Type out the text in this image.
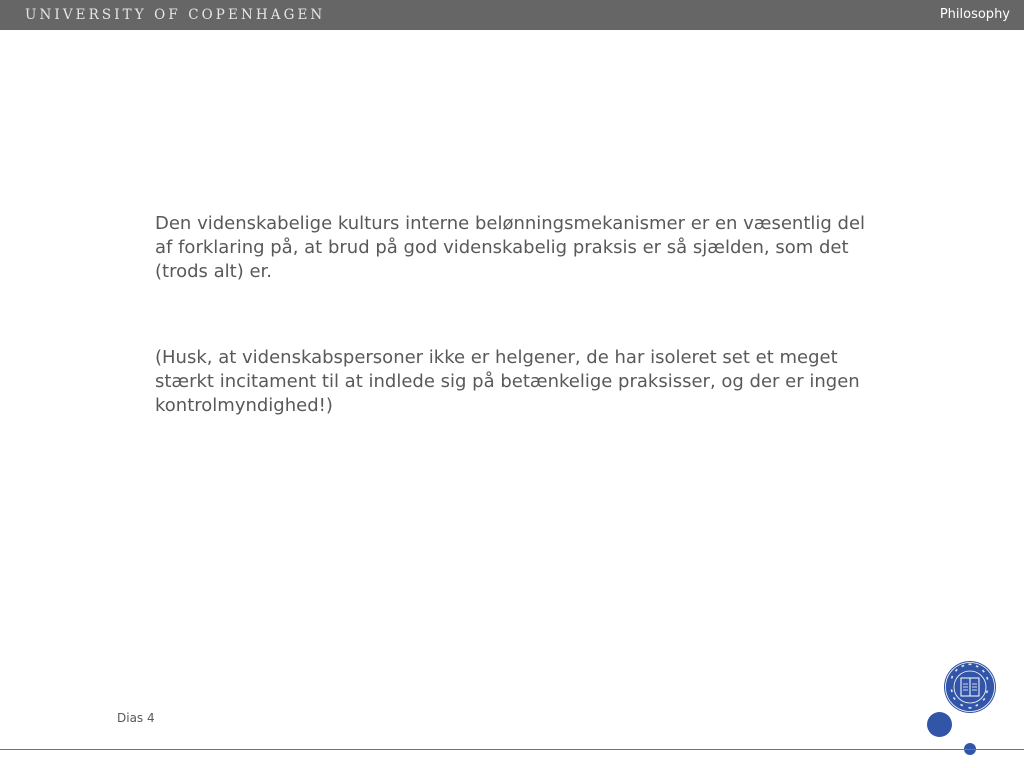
UNIVERSITY OF COPENHAGEN	Philosophy

Den videnskabelige kulturs interne belønningsmekanismer er en væsentlig del af forklaring på, at brud på god videnskabelig praksis er så sjælden, som det (trods alt) er.

(Husk, at videnskabspersoner ikke er helgener, de har isoleret set et meget stærkt incitament til at indlede sig på betænkelige praksisser, og der er ingen kontrolmyndighed!)

Dias 4
